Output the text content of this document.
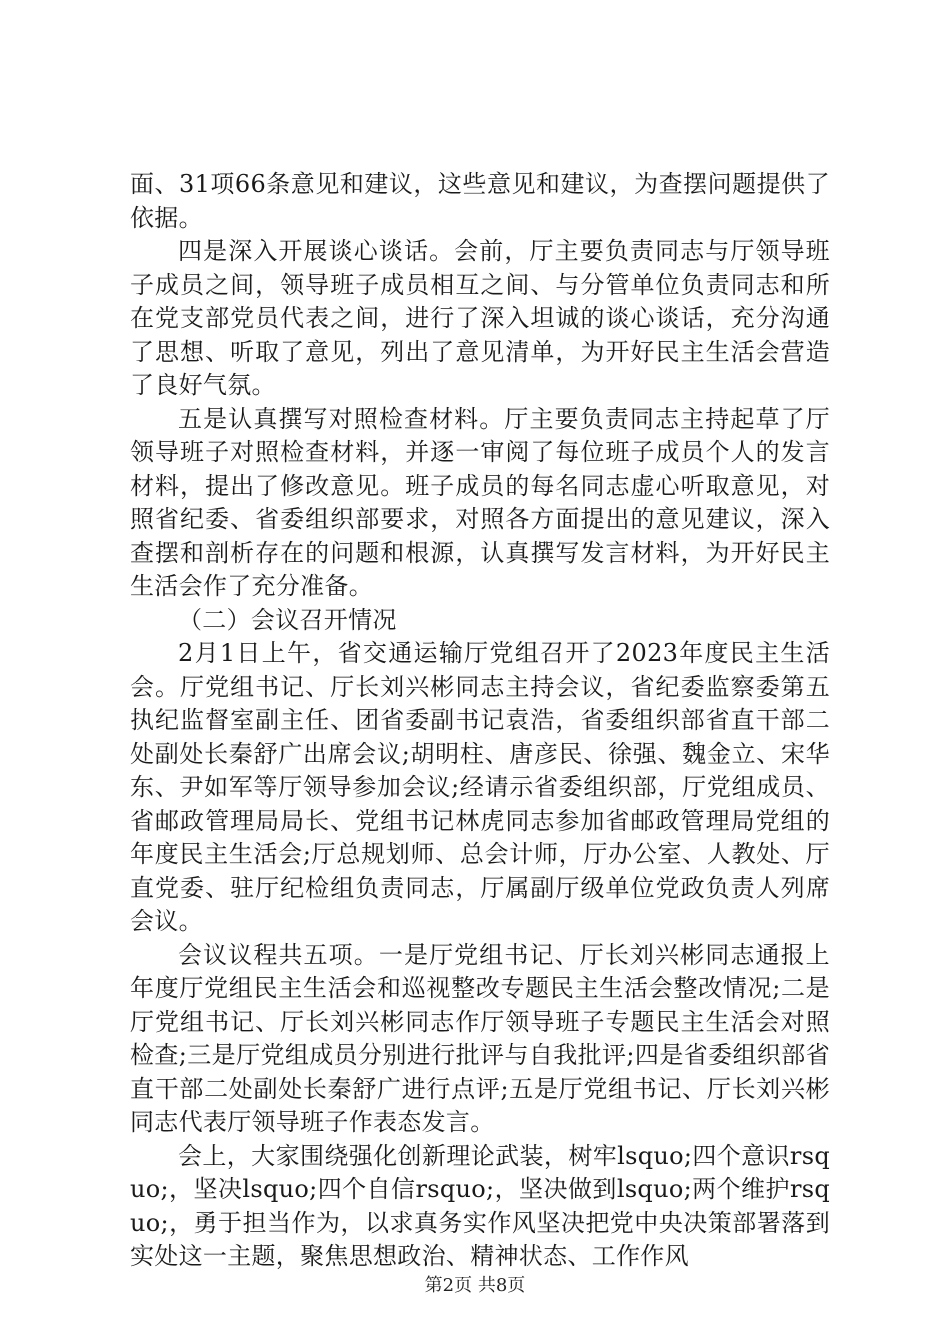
面、31项66条意见和建议，这些意见和建议，为查摆问题提供了依据。

四是深入开展谈心谈话。会前，厅主要负责同志与厅领导班子成员之间，领导班子成员相互之间、与分管单位负责同志和所在党支部党员代表之间，进行了深入坦诚的谈心谈话，充分沟通了思想、听取了意见，列出了意见清单，为开好民主生活会营造了良好气氛。

五是认真撰写对照检查材料。厅主要负责同志主持起草了厅领导班子对照检查材料，并逐一审阅了每位班子成员个人的发言材料，提出了修改意见。班子成员的每名同志虚心听取意见，对照省纪委、省委组织部要求，对照各方面提出的意见建议，深入查摆和剖析存在的问题和根源，认真撰写发言材料，为开好民主生活会作了充分准备。

（二）会议召开情况

2月1日上午，省交通运输厅党组召开了2023年度民主生活会。厅党组书记、厅长刘兴彬同志主持会议，省纪委监察委第五执纪监督室副主任、团省委副书记袁浩，省委组织部省直干部二处副处长秦舒广出席会议;胡明柱、唐彦民、徐强、魏金立、宋华东、尹如军等厅领导参加会议;经请示省委组织部，厅党组成员、省邮政管理局局长、党组书记林虎同志参加省邮政管理局党组的年度民主生活会;厅总规划师、总会计师，厅办公室、人教处、厅直党委、驻厅纪检组负责同志，厅属副厅级单位党政负责人列席会议。

会议议程共五项。一是厅党组书记、厅长刘兴彬同志通报上年度厅党组民主生活会和巡视整改专题民主生活会整改情况;二是厅党组书记、厅长刘兴彬同志作厅领导班子专题民主生活会对照检查;三是厅党组成员分别进行批评与自我批评;四是省委组织部省直干部二处副处长秦舒广进行点评;五是厅党组书记、厅长刘兴彬同志代表厅领导班子作表态发言。

会上，大家围绕强化创新理论武装，树牢lsquo;四个意识rsquo;，坚决lsquo;四个自信rsquo;，坚决做到lsquo;两个维护rsquo;，勇于担当作为，以求真务实作风坚决把党中央决策部署落到实处这一主题，聚焦思想政治、精神状态、工作作风

第2页 共8页
